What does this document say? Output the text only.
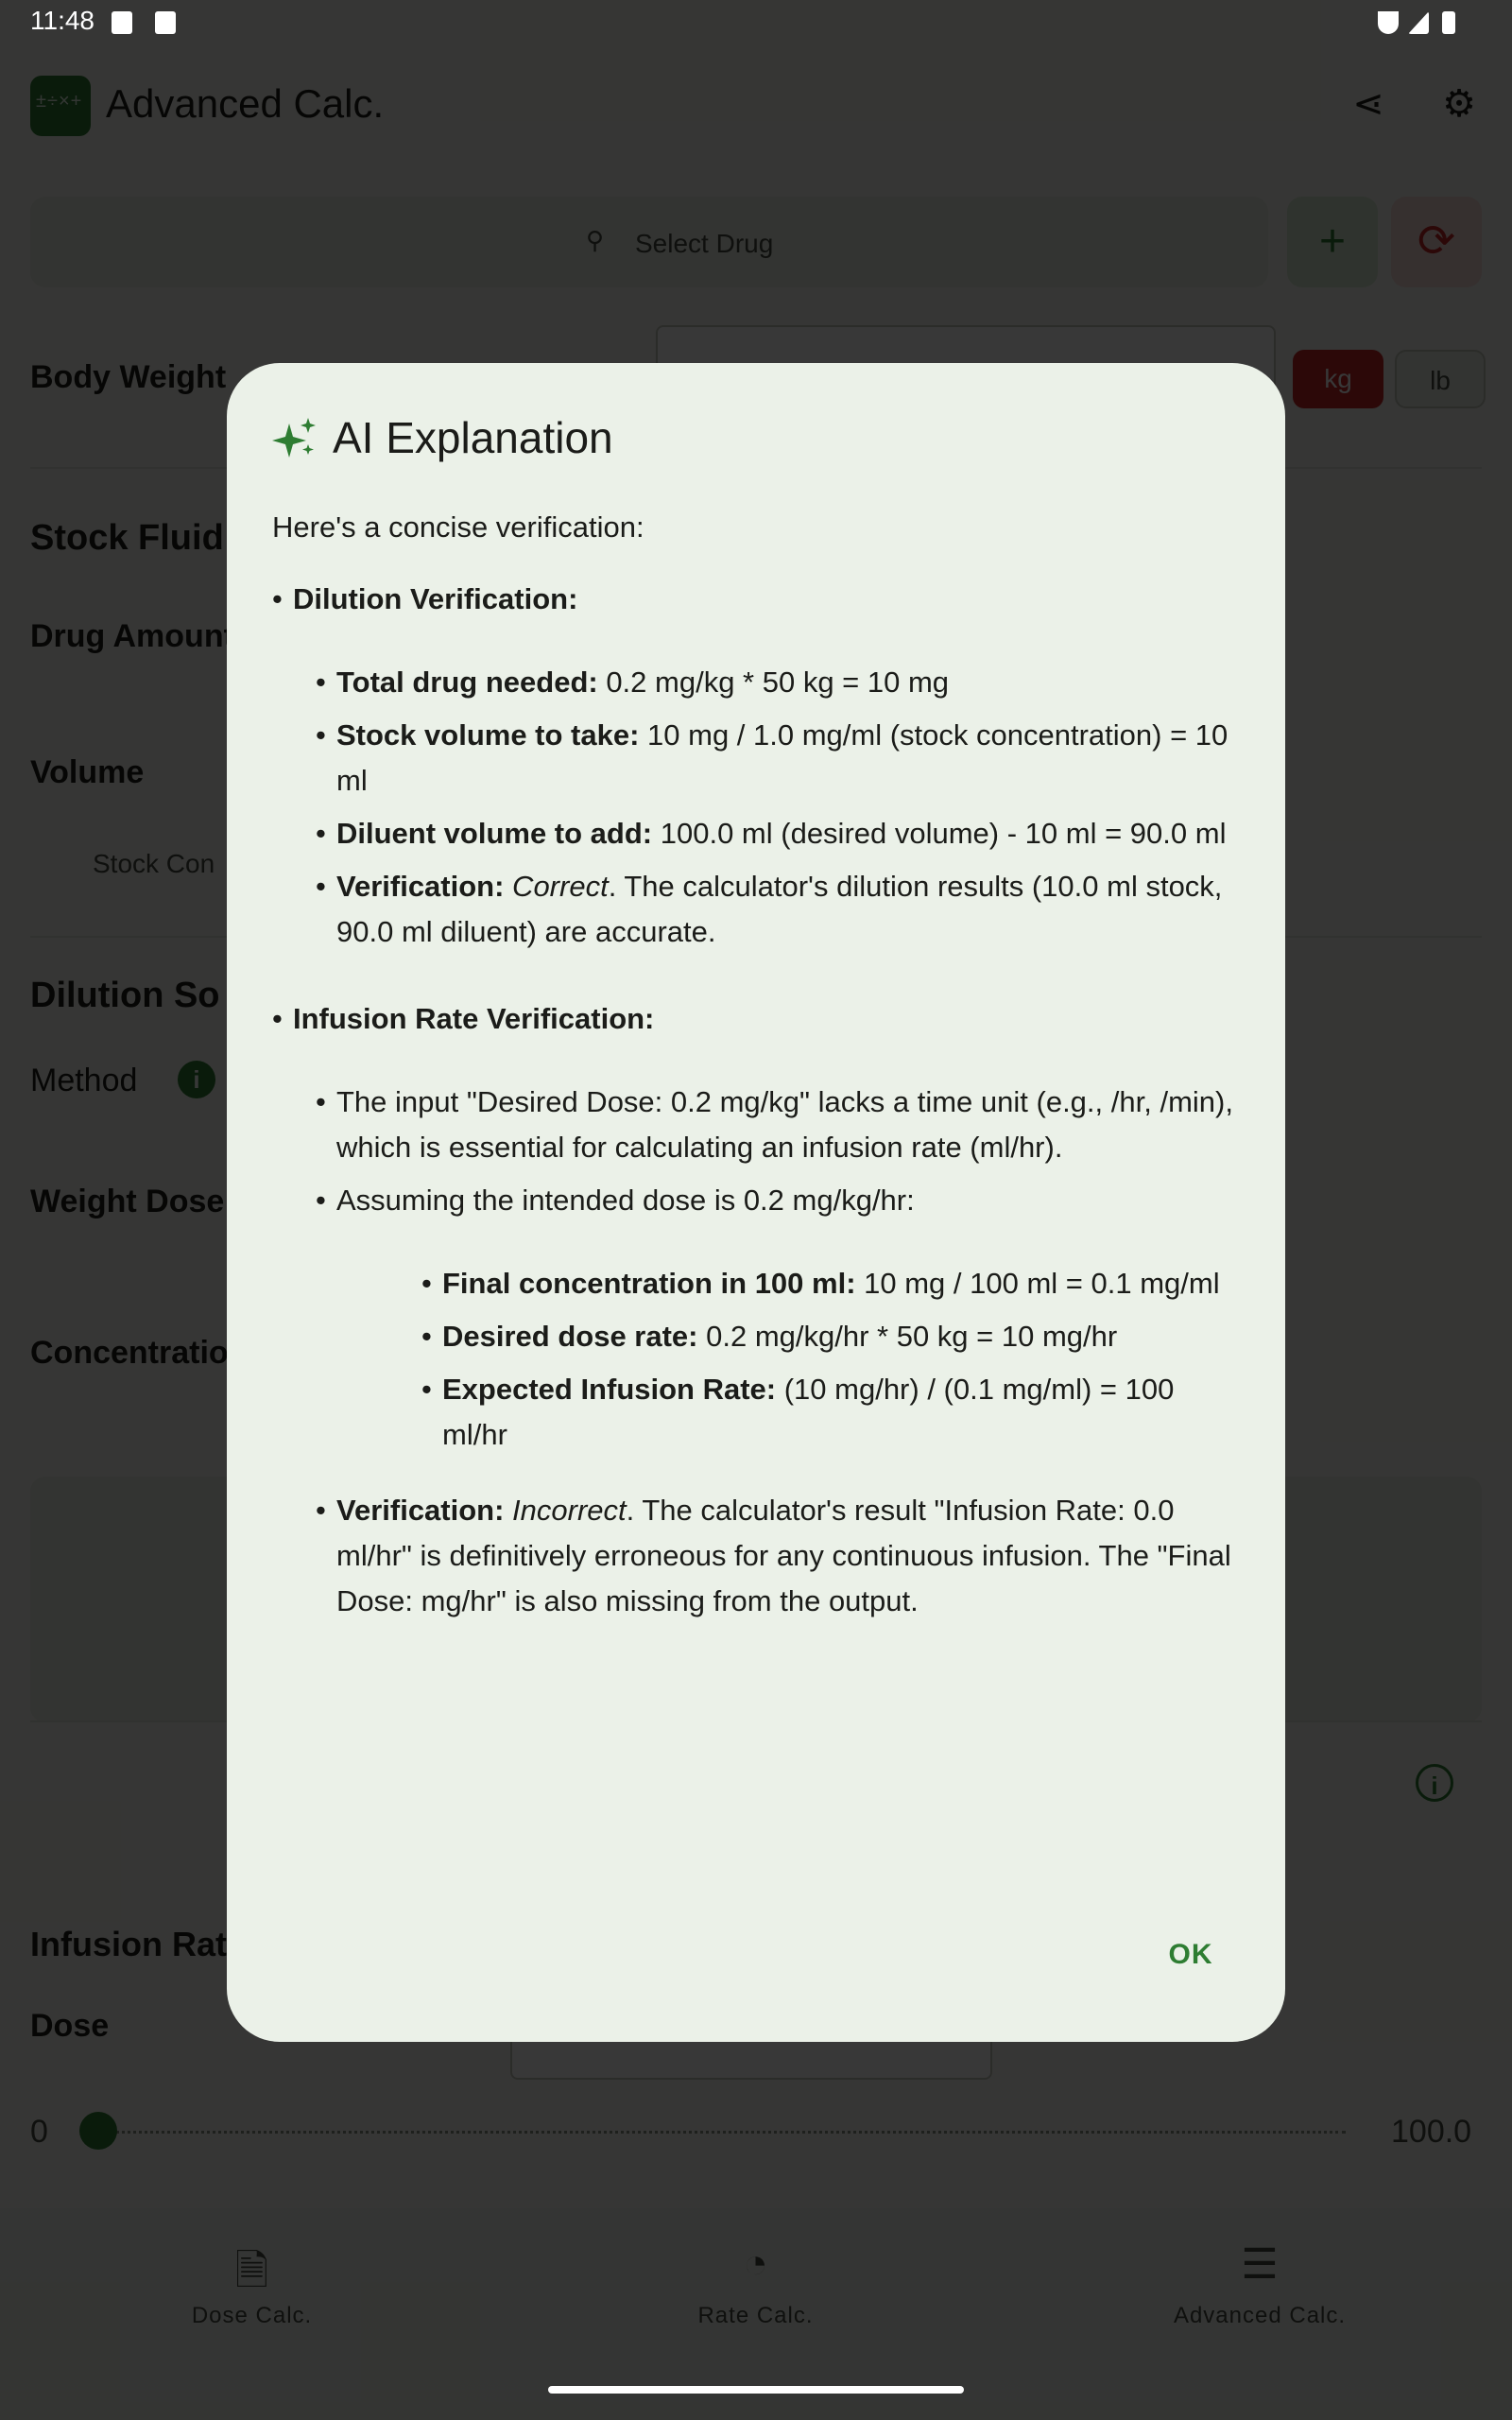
11:48
±÷×+
AI Explanation

Here's a concise verification:

• Dilution Verification:
• Total drug needed: 0.2 mg/kg * 50 kg = 10 mg
• Stock volume to take: 10 mg / 1.0 mg/ml (stock concentration) = 10 ml
• Diluent volume to add: 100.0 ml (desired volume) - 10 ml = 90.0 ml
• Verification: Correct. The calculator's dilution results (10.0 ml stock, 90.0 ml diluent) are accurate.
• Infusion Rate Verification:
• The input "Desired Dose: 0.2 mg/kg" lacks a time unit (e.g., /hr, /min), which is essential for calculating an infusion rate (ml/hr).
• Assuming the intended dose is 0.2 mg/kg/hr:
• Final concentration in 100 ml: 10 mg / 100 ml = 0.1 mg/ml
• Desired dose rate: 0.2 mg/kg/hr * 50 kg = 10 mg/hr
• Expected Infusion Rate: (10 mg/hr) / (0.1 mg/ml) = 100 ml/hr
• Verification: Incorrect. The calculator's result "Infusion Rate: 0.0 ml/hr" is definitively erroneous for any continuous infusion. The "Final Dose: mg/hr" is also missing from the output.
OK
